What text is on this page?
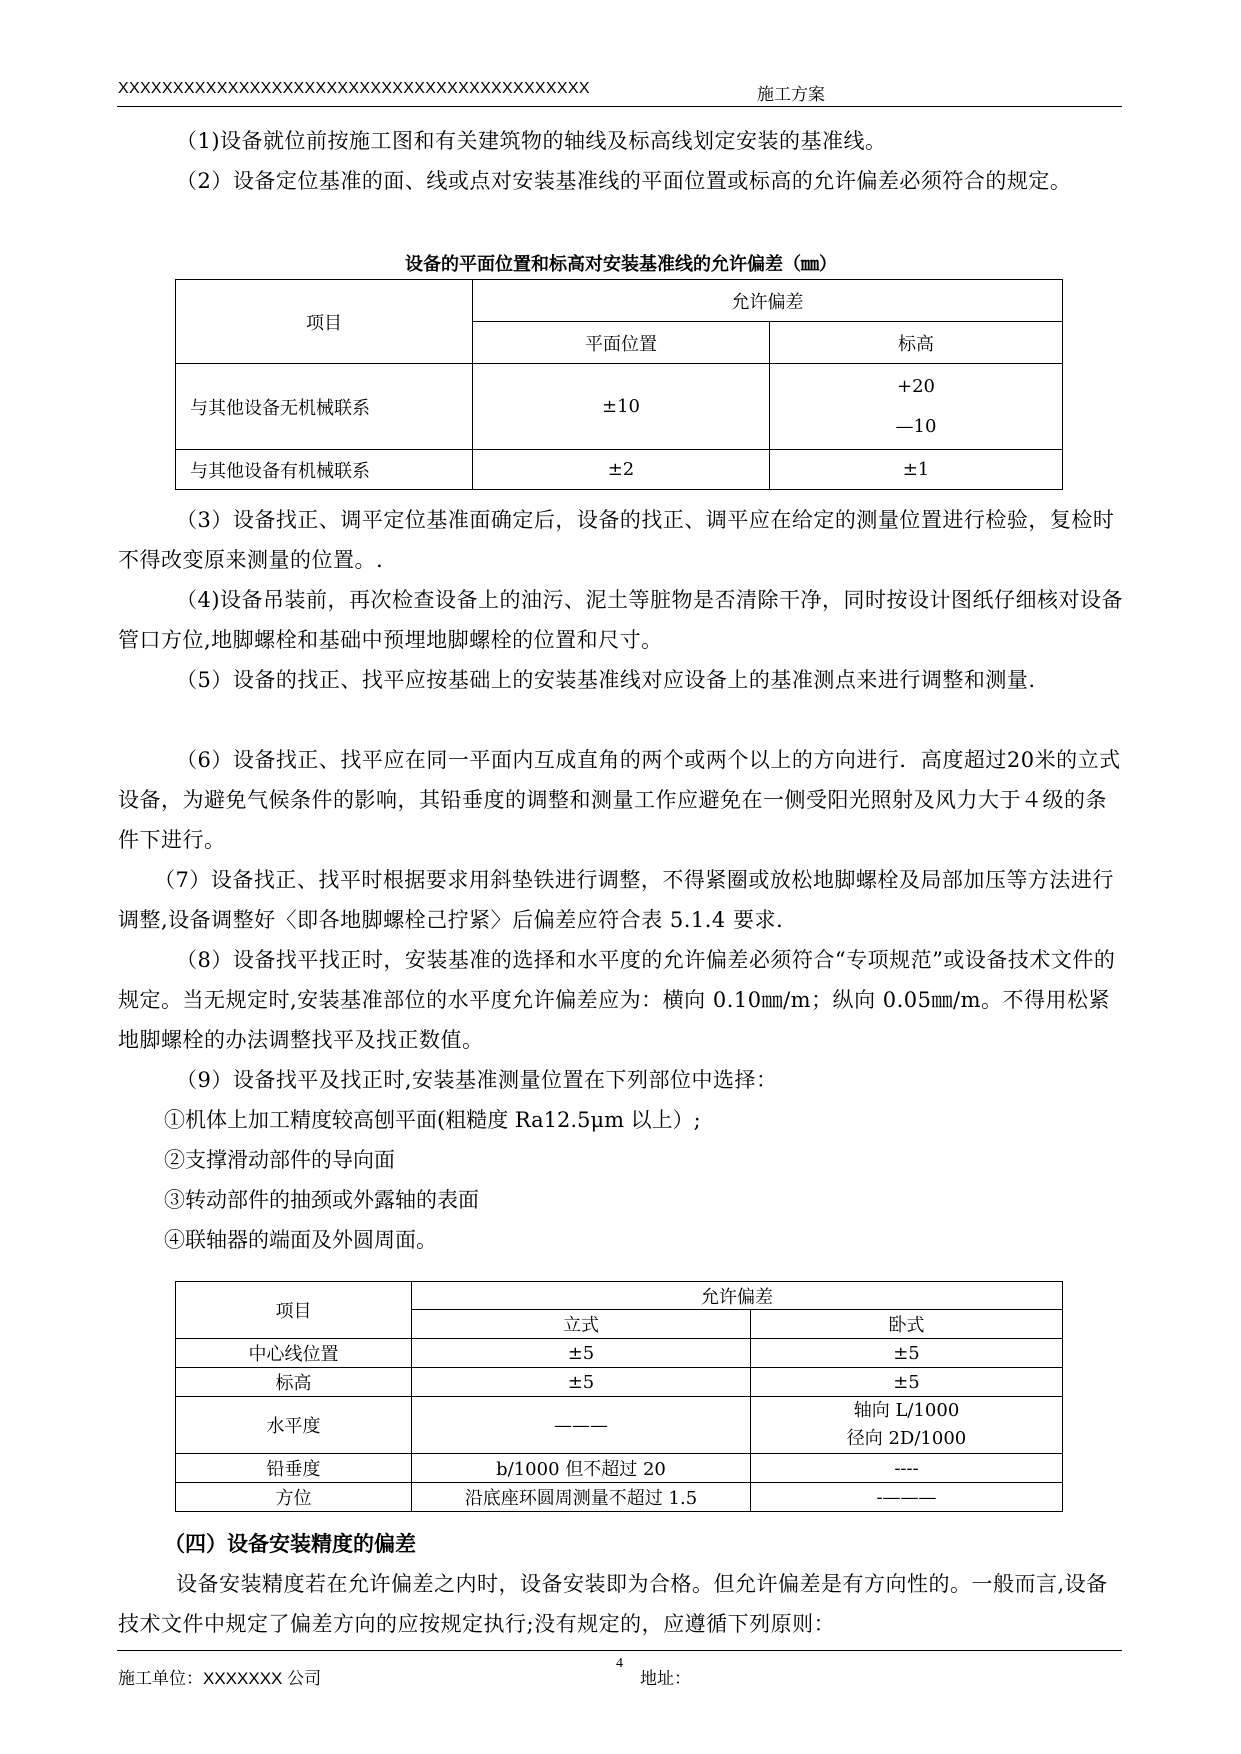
XXXXXXXXXXXXXXXXXXXXXXXXXXXXXXXXXXXXXXXXXXX	施工方案
（1)设备就位前按施工图和有关建筑物的轴线及标高线划定安装的基准线。
（2）设备定位基准的面、线或点对安装基准线的平面位置或标高的允许偏差必须符合的规定。
设备的平面位置和标高对安装基准线的允许偏差（㎜）
项目	允许偏差	
	平面位置	标高
与其他设备无机械联系	±10	+20
—10

与其他设备有机械联系	±2	±1
（3）设备找正、调平定位基准面确定后，设备的找正、调平应在给定的测量位置进行检验，复检时不得改变原来测量的位置。.
（4)设备吊装前，再次检查设备上的油污、泥土等脏物是否清除干净，同时按设计图纸仔细核对设备管口方位,地脚螺栓和基础中预埋地脚螺栓的位置和尺寸。
（5）设备的找正、找平应按基础上的安装基准线对应设备上的基准测点来进行调整和测量.
（6）设备找正、找平应在同一平面内互成直角的两个或两个以上的方向进行．高度超过20米的立式设备，为避免气候条件的影响，其铅垂度的调整和测量工作应避免在一侧受阳光照射及风力大于４级的条件下进行。
（7）设备找正、找平时根据要求用斜垫铁进行调整，不得紧圈或放松地脚螺栓及局部加压等方法进行调整,设备调整好〈即各地脚螺栓己拧紧〉后偏差应符合表 5.1.4 要求.
（8）设备找平找正时，安装基准的选择和水平度的允许偏差必须符合“专项规范”或设备技术文件的规定。当无规定时,安装基准部位的水平度允许偏差应为：横向 0.10㎜/m；纵向 0.05㎜/m。不得用松紧地脚螺栓的办法调整找平及找正数值。
（9）设备找平及找正时,安装基准测量位置在下列部位中选择：
①机体上加工精度较高刨平面(粗糙度 Ra12.5μm 以上）;
②支撑滑动部件的导向面
③转动部件的抽颈或外露轴的表面
④联轴器的端面及外圆周面。
项目	允许偏差	
	立式	卧式
中心线位置	±5	±5
标高	±5	±5
水平度	———	轴向 L/1000
径向 2D/1000

铅垂度	b/1000 但不超过 20	----
方位	沿底座环圆周测量不超过 1.5	-———
（四）设备安装精度的偏差
设备安装精度若在允许偏差之内时，设备安装即为合格。但允许偏差是有方向性的。一般而言,设备技术文件中规定了偏差方向的应按规定执行;没有规定的，应遵循下列原则：
施工单位：XXXXXXX 公司
4
地址：
